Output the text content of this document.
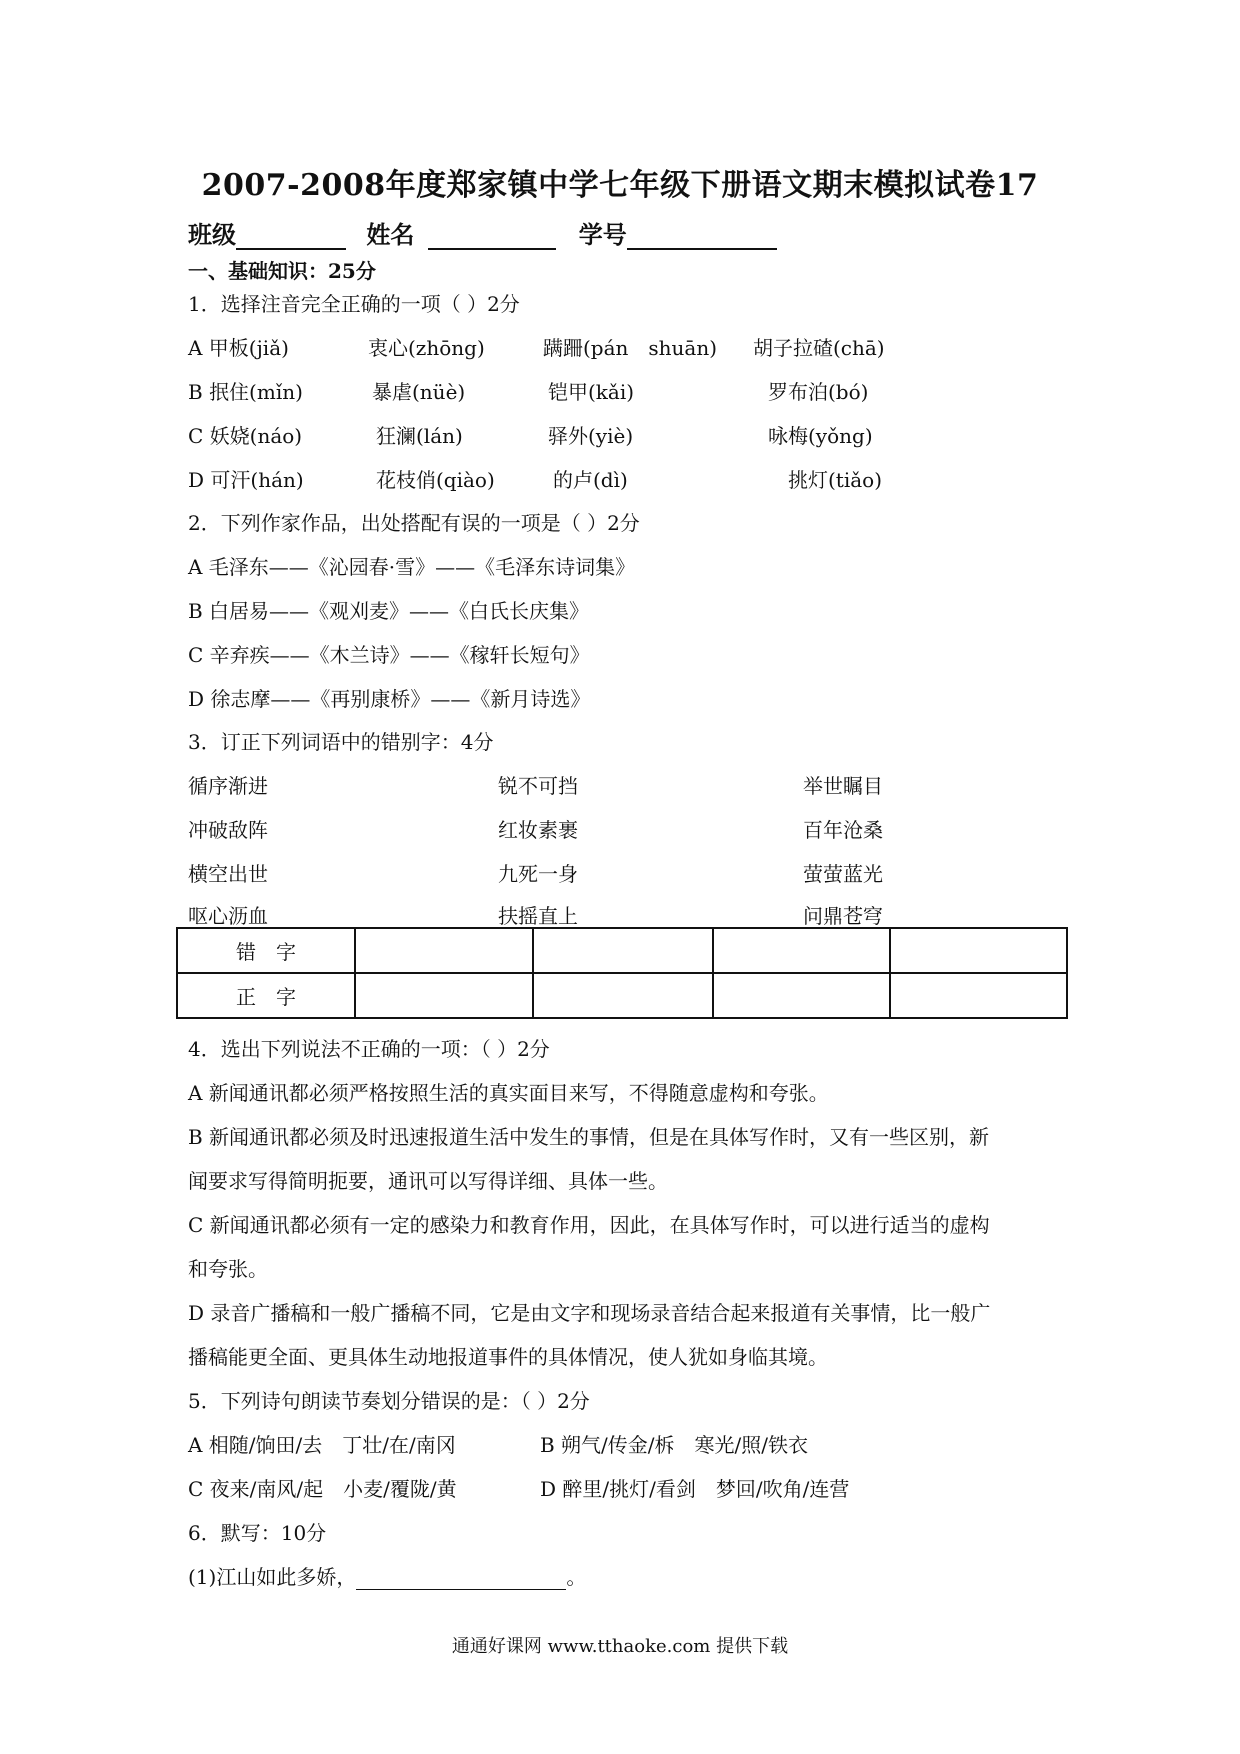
2007-2008年度郑家镇中学七年级下册语文期末模拟试卷17
班级	姓名	学号
一、基础知识：25分
1．选择注音完全正确的一项（ ）2分
A 甲板(jiǎ)	衷心(zhōng)	蹒跚(pán　shuān) 胡子拉碴(chā)
B 抿住(mǐn)	暴虐(nüè)	铠甲(kǎi)	罗布泊(bó)
C 妖娆(náo)	狂澜(lán)	驿外(yiè)	咏梅(yǒng)
D 可汗(hán)	花枝俏(qiào)	的卢(dì)	挑灯(tiǎo)
2．下列作家作品，出处搭配有误的一项是（ ）2分
A 毛泽东——《沁园春·雪》——《毛泽东诗词集》
B 白居易——《观刈麦》——《白氏长庆集》
C 辛弃疾——《木兰诗》——《稼轩长短句》
D 徐志摩——《再别康桥》——《新月诗选》
3．订正下列词语中的错别字：4分
循序渐进	锐不可挡	举世瞩目
冲破敌阵	红妆素裹	百年沧桑
横空出世	九死一身	萤萤蓝光
呕心沥血	扶摇直上	问鼎苍穹
错字				
正字				
4．选出下列说法不正确的一项：（ ）2分
A 新闻通讯都必须严格按照生活的真实面目来写，不得随意虚构和夸张。
B 新闻通讯都必须及时迅速报道生活中发生的事情，但是在具体写作时，又有一些区别，新
闻要求写得简明扼要，通讯可以写得详细、具体一些。
C 新闻通讯都必须有一定的感染力和教育作用，因此，在具体写作时，可以进行适当的虚构
和夸张。
D 录音广播稿和一般广播稿不同，它是由文字和现场录音结合起来报道有关事情，比一般广
播稿能更全面、更具体生动地报道事件的具体情况，使人犹如身临其境。
5．下列诗句朗读节奏划分错误的是：（ ）2分
A 相随/饷田/去　丁壮/在/南冈	B 朔气/传金/柝　寒光/照/铁衣
C 夜来/南风/起　小麦/覆陇/黄	D 醉里/挑灯/看剑　梦回/吹角/连营
6．默写：10分
(1)江山如此多娇，	。
通通好课网 www.tthaoke.com 提供下载
